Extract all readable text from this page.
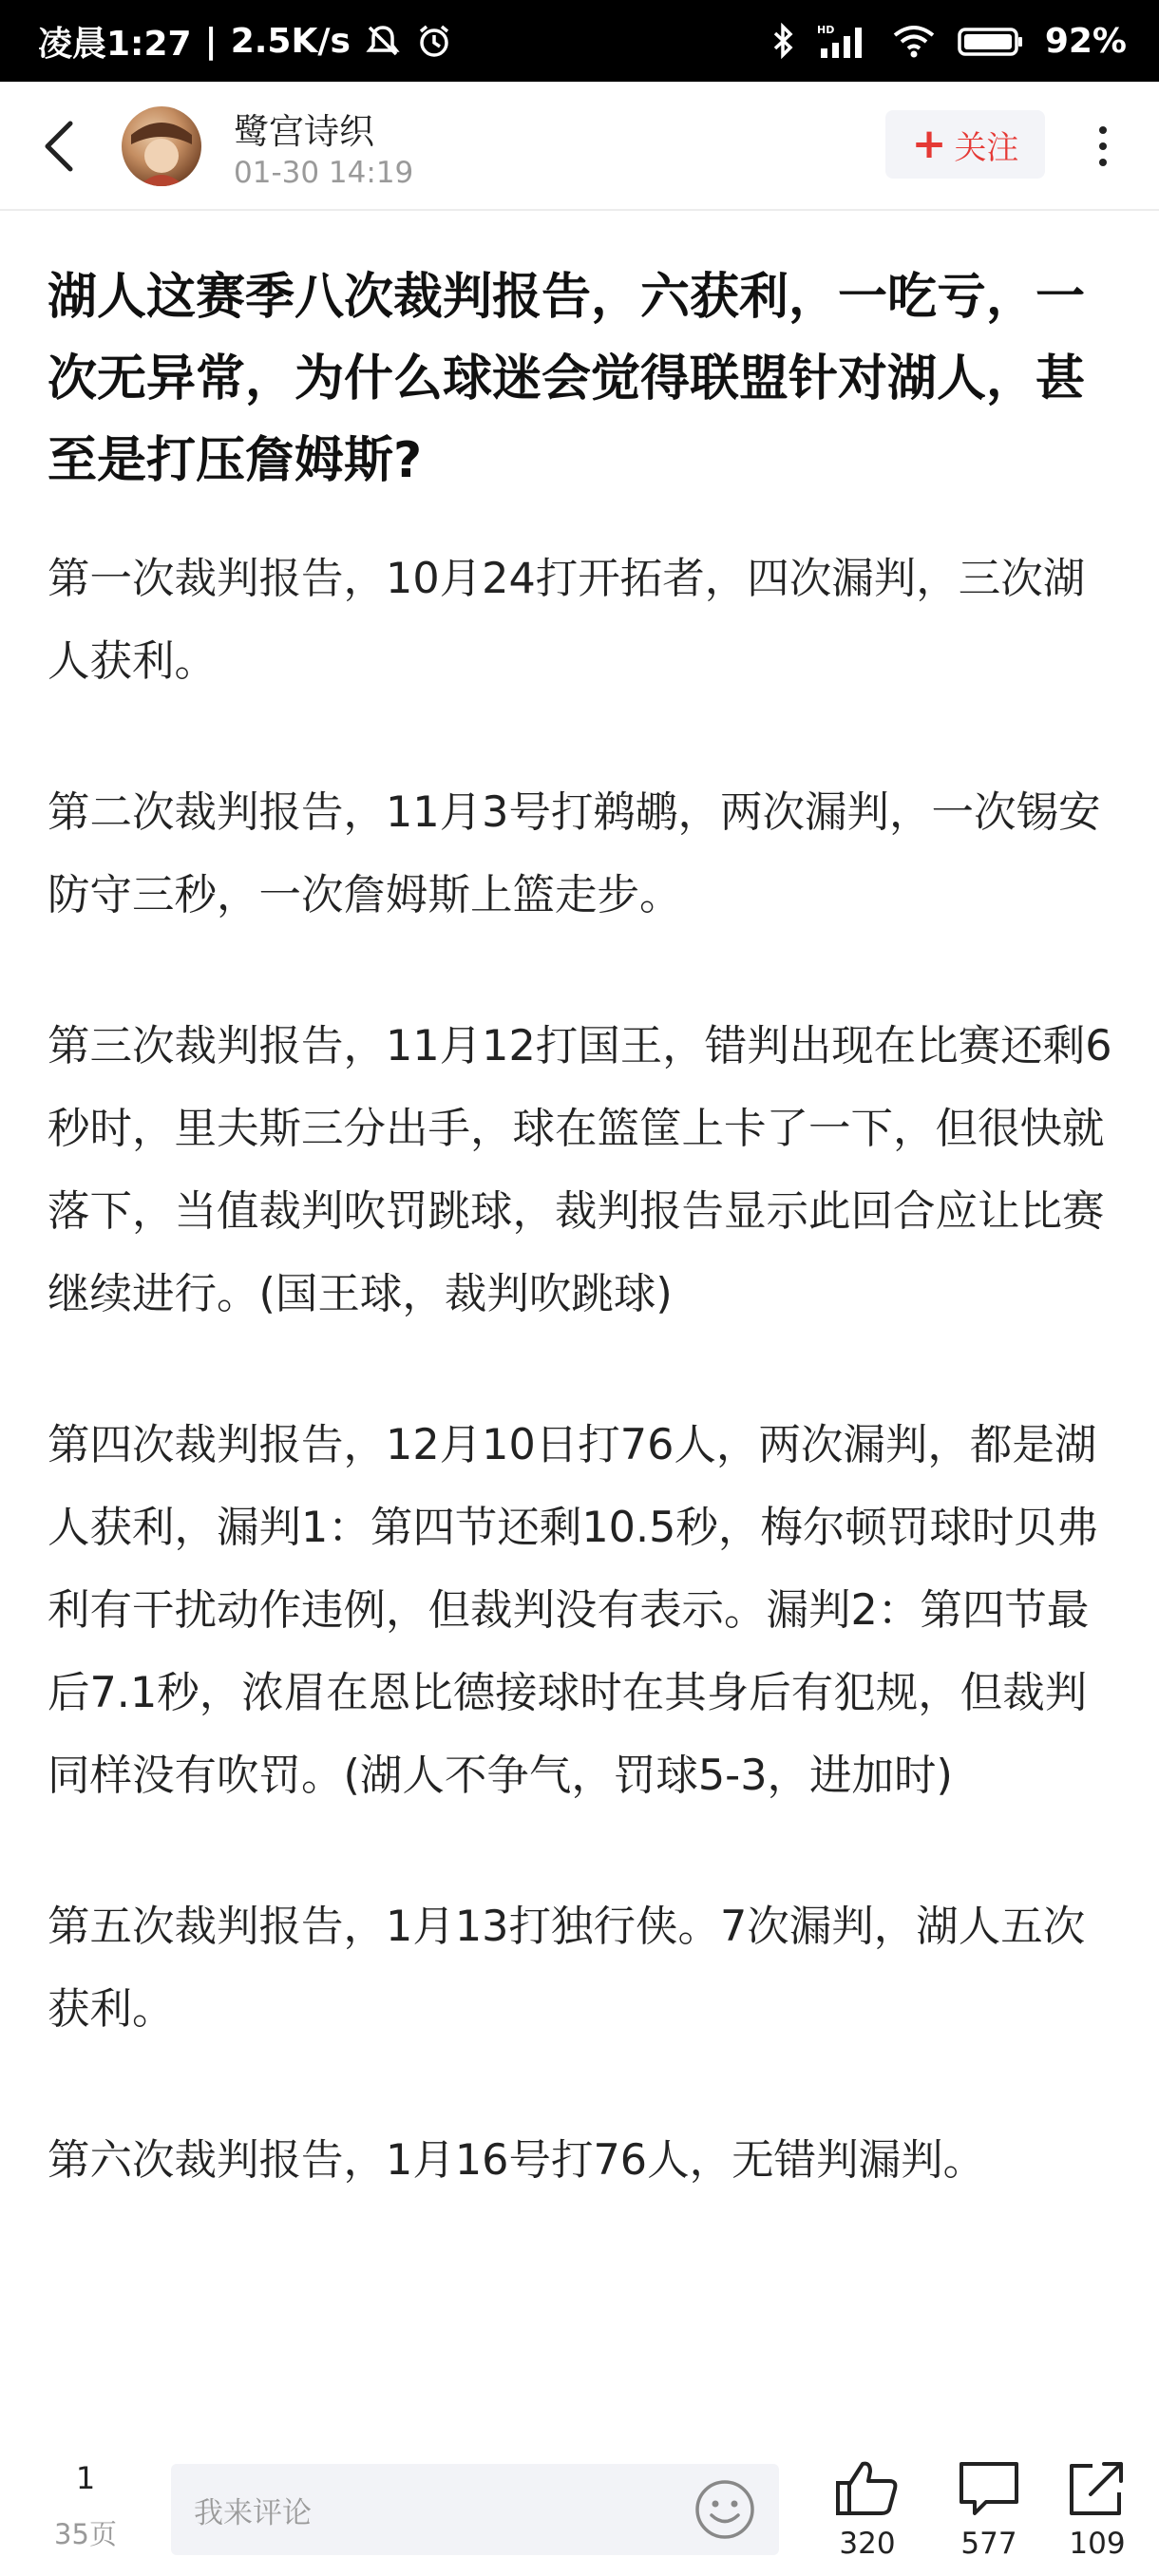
凌晨1:27 | 2.5K/s	HD	92%
鹭宫诗织
01-30 14:19
+ 关注
湖人这赛季八次裁判报告，六获利，一吃亏，一次无异常，为什么球迷会觉得联盟针对湖人，甚至是打压詹姆斯?

第一次裁判报告，10月24打开拓者，四次漏判，三次湖人获利。

第二次裁判报告，11月3号打鹈鹕，两次漏判，一次锡安防守三秒，一次詹姆斯上篮走步。

第三次裁判报告，11月12打国王，错判出现在比赛还剩6秒时，里夫斯三分出手，球在篮筐上卡了一下，但很快就落下，当值裁判吹罚跳球，裁判报告显示此回合应让比赛继续进行。(国王球，裁判吹跳球)

第四次裁判报告，12月10日打76人，两次漏判，都是湖人获利，漏判1：第四节还剩10.5秒，梅尔顿罚球时贝弗利有干扰动作违例，但裁判没有表示。漏判2：第四节最后7.1秒，浓眉在恩比德接球时在其身后有犯规，但裁判同样没有吹罚。(湖人不争气，罚球5-3，进加时)

第五次裁判报告，1月13打独行侠。7次漏判，湖人五次获利。

第六次裁判报告，1月16号打76人，无错判漏判。

1
35页
我来评论
320 577 109
